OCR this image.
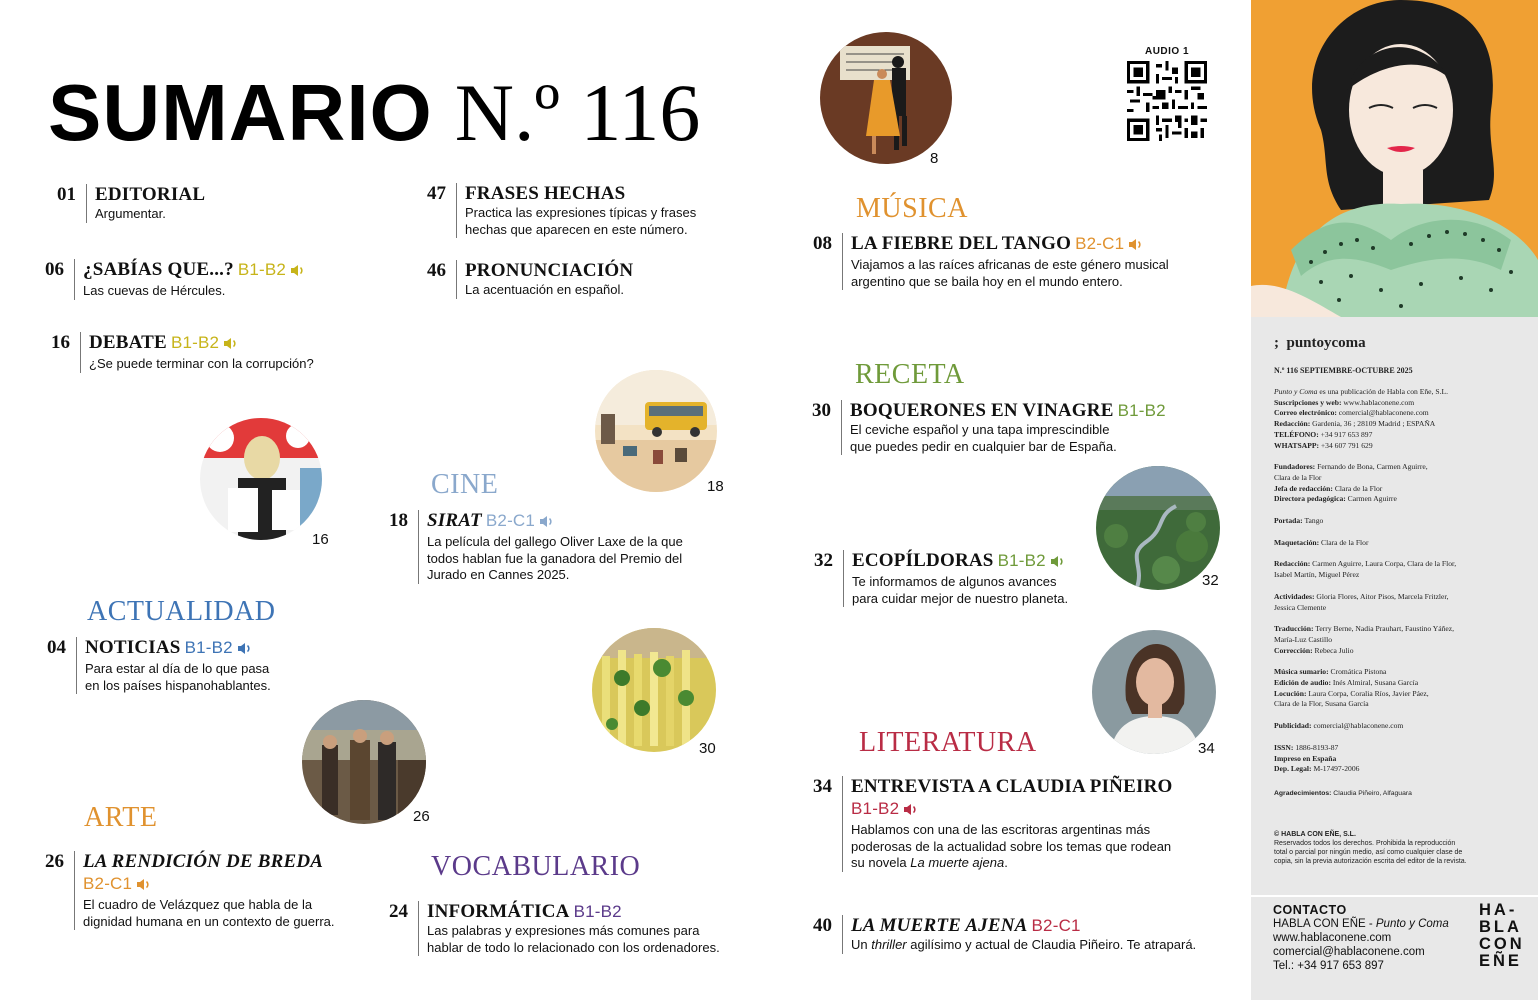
SUMARIO N.º 116
01	EDITORIAL
Argumentar.
06	¿SABÍAS QUE...? B1-B2
Las cuevas de Hércules.
16	DEBATE B1-B2
¿Se puede terminar con la corrupción?
16
ACTUALIDAD
04	NOTICIAS B1-B2
Para estar al día de lo que pasa
en los países hispanohablantes.
26
ARTE
26	LA RENDICIÓN DE BREDA
B2-C1
El cuadro de Velázquez que habla de la
dignidad humana en un contexto de guerra.
47	FRASES HECHAS
Practica las expresiones típicas y frases
hechas que aparecen en este número.
46	PRONUNCIACIÓN
La acentuación en español.
18
CINE
18	SIRAT B2-C1
La película del gallego Oliver Laxe de la que
todos hablan fue la ganadora del Premio del
Jurado en Cannes 2025.
30
VOCABULARIO
24	INFORMÁTICA B1-B2
Las palabras y expresiones más comunes para
hablar de todo lo relacionado con los ordenadores.
8
AUDIO 1
MÚSICA
08	LA FIEBRE DEL TANGO B2-C1
Viajamos a las raíces africanas de este género musical
argentino que se baila hoy en el mundo entero.
RECETA
30	BOQUERONES EN VINAGRE B1-B2
El ceviche español y una tapa imprescindible
que puedes pedir en cualquier bar de España.
32
32	ECOPÍLDORAS B1-B2
Te informamos de algunos avances
para cuidar mejor de nuestro planeta.
34
LITERATURA
34	ENTREVISTA A CLAUDIA PIÑEIRO
B1-B2
Hablamos con una de las escritoras argentinas más
poderosas de la actualidad sobre los temas que rodean
su novela La muerte ajena.
40	LA MUERTE AJENA B2-C1
Un thriller agilísimo y actual de Claudia Piñeiro. Te atrapará.
;  puntoycoma
N.º 116 SEPTIEMBRE-OCTUBRE 2025
Punto y Coma es una publicación de Habla con Eñe, S.L.
Suscripciones y web: www.hablaconene.com
Correo electrónico: comercial@hablaconene.com
Redacción: Gardenia, 36 ; 28109 Madrid ; ESPAÑA
TELÉFONO: +34 917 653 897
WHATSAPP: +34 607 791 629
Fundadores: Fernando de Bona, Carmen Aguirre,
Clara de la Flor
Jefa de redacción: Clara de la Flor
Directora pedagógica: Carmen Aguirre
Portada: Tango
Maquetación: Clara de la Flor
Redacción: Carmen Aguirre, Laura Corpa, Clara de la Flor,
Isabel Martín, Miguel Pérez
Actividades: Gloria Flores, Aitor Pisos, Marcela Fritzler,
Jessica Clemente
Traducción: Terry Berne, Nadia Prauhart, Faustino Yáñez,
María-Luz Castillo
Corrección: Rebeca Julio
Música sumario: Cromática Pistona
Edición de audio: Inés Almiral, Susana García
Locución: Laura Corpa, Coralia Ríos, Javier Páez,
Clara de la Flor, Susana García
Publicidad: comercial@hablaconene.com
ISSN: 1886-8193-87
Impreso en España
Dep. Legal: M-17497-2006
Agradecimientos: Claudia Piñeiro, Alfaguara
© HABLA CON EÑE, S.L.
Reservados todos los derechos. Prohibida la reproducción
total o parcial por ningún medio, así como cualquier clase de
copia, sin la previa autorización escrita del editor de la revista.
CONTACTO
HABLA CON EÑE - Punto y Coma
www.hablaconene.com
comercial@hablaconene.com
Tel.: +34 917 653 897
HA-
BLA
CON
EÑE
